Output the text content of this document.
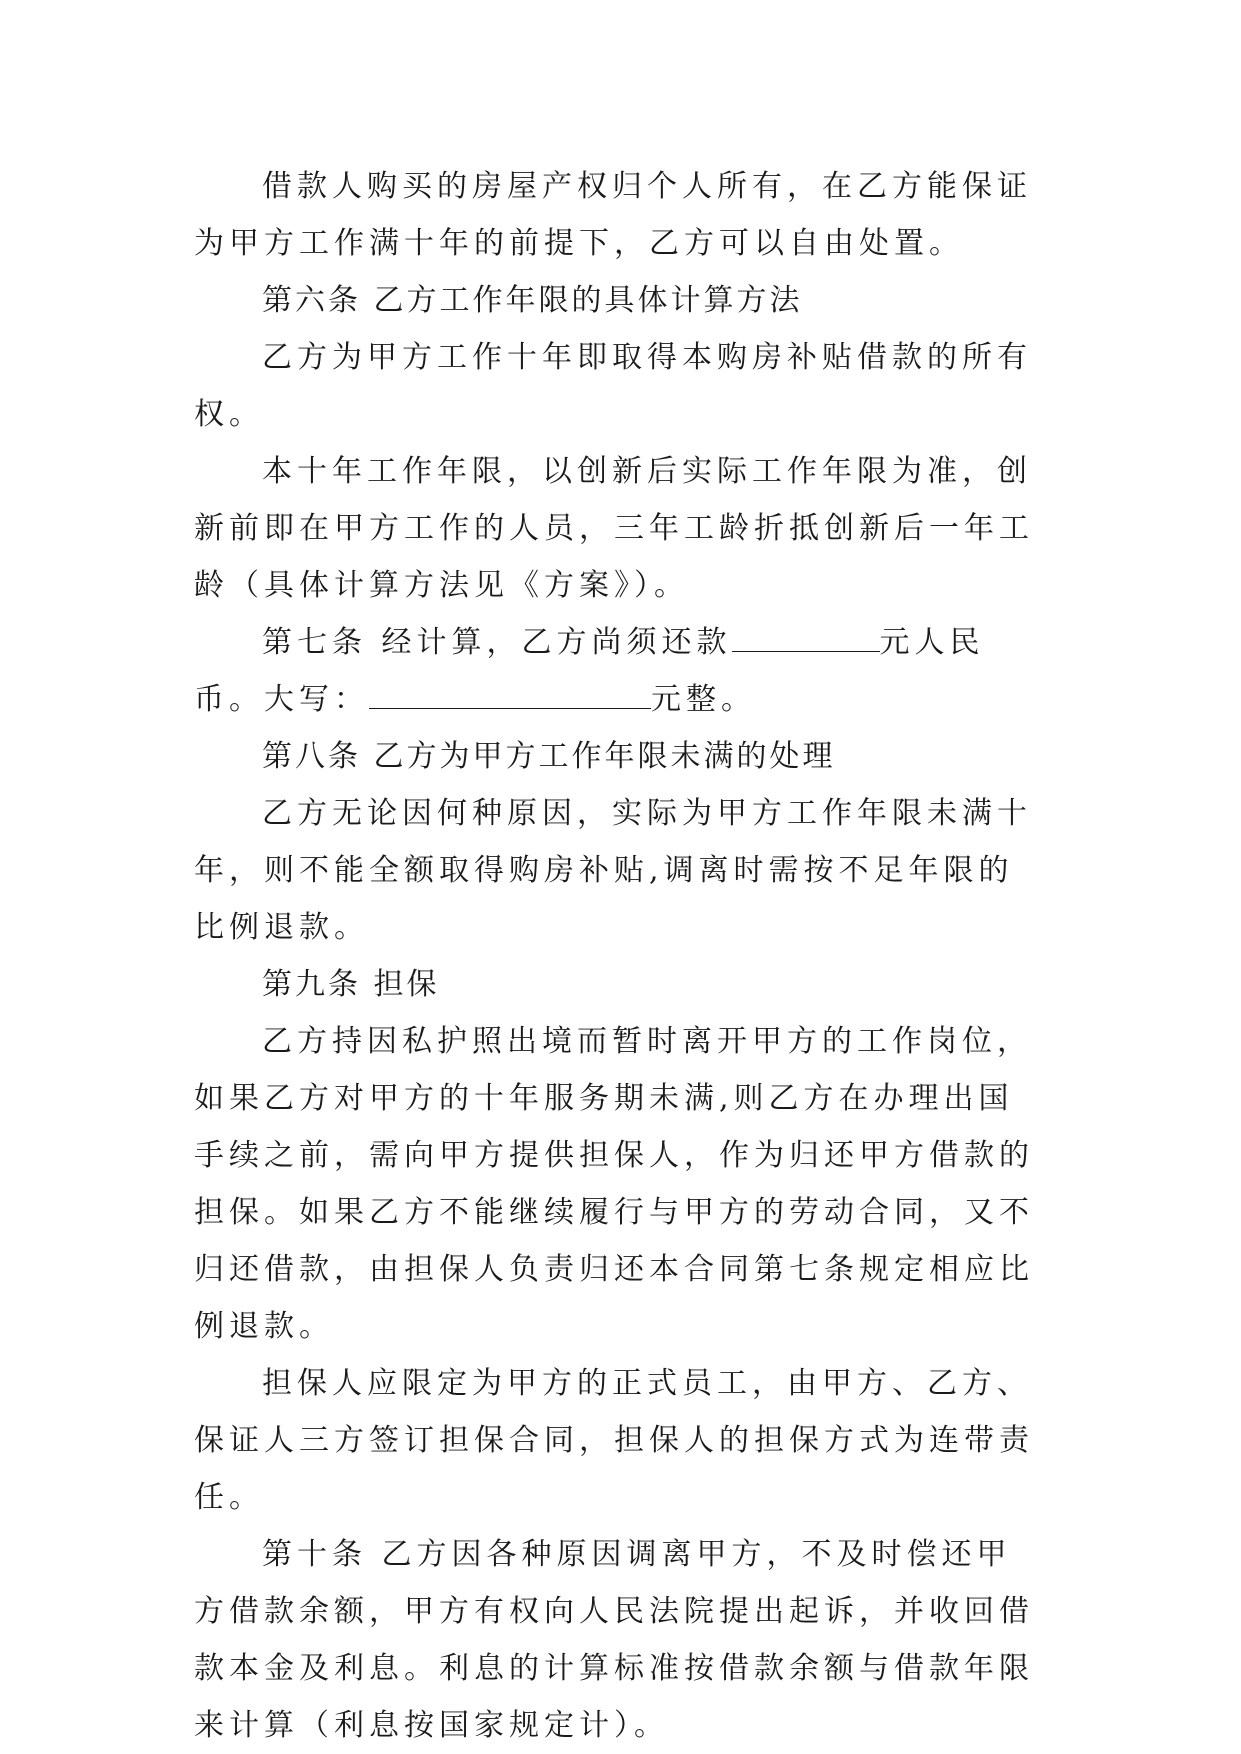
借款人购买的房屋产权归个人所有，在乙方能保证为甲方工作满十年的前提下，乙方可以自由处置。

第六条 乙方工作年限的具体计算方法

乙方为甲方工作十年即取得本购房补贴借款的所有权。

本十年工作年限，以创新后实际工作年限为准，创新前即在甲方工作的人员，三年工龄折抵创新后一年工龄（具体计算方法见《方案》）。

第七条 经计算，乙方尚须还款	元人民币。大写：	元整。

第八条 乙方为甲方工作年限未满的处理

乙方无论因何种原因，实际为甲方工作年限未满十年，则不能全额取得购房补贴,调离时需按不足年限的比例退款。

第九条 担保

乙方持因私护照出境而暂时离开甲方的工作岗位，如果乙方对甲方的十年服务期未满,则乙方在办理出国手续之前，需向甲方提供担保人，作为归还甲方借款的担保。如果乙方不能继续履行与甲方的劳动合同，又不归还借款，由担保人负责归还本合同第七条规定相应比例退款。

担保人应限定为甲方的正式员工，由甲方、乙方、保证人三方签订担保合同，担保人的担保方式为连带责任。

第十条 乙方因各种原因调离甲方，不及时偿还甲方借款余额，甲方有权向人民法院提出起诉，并收回借款本金及利息。利息的计算标准按借款余额与借款年限来计算（利息按国家规定计）。
